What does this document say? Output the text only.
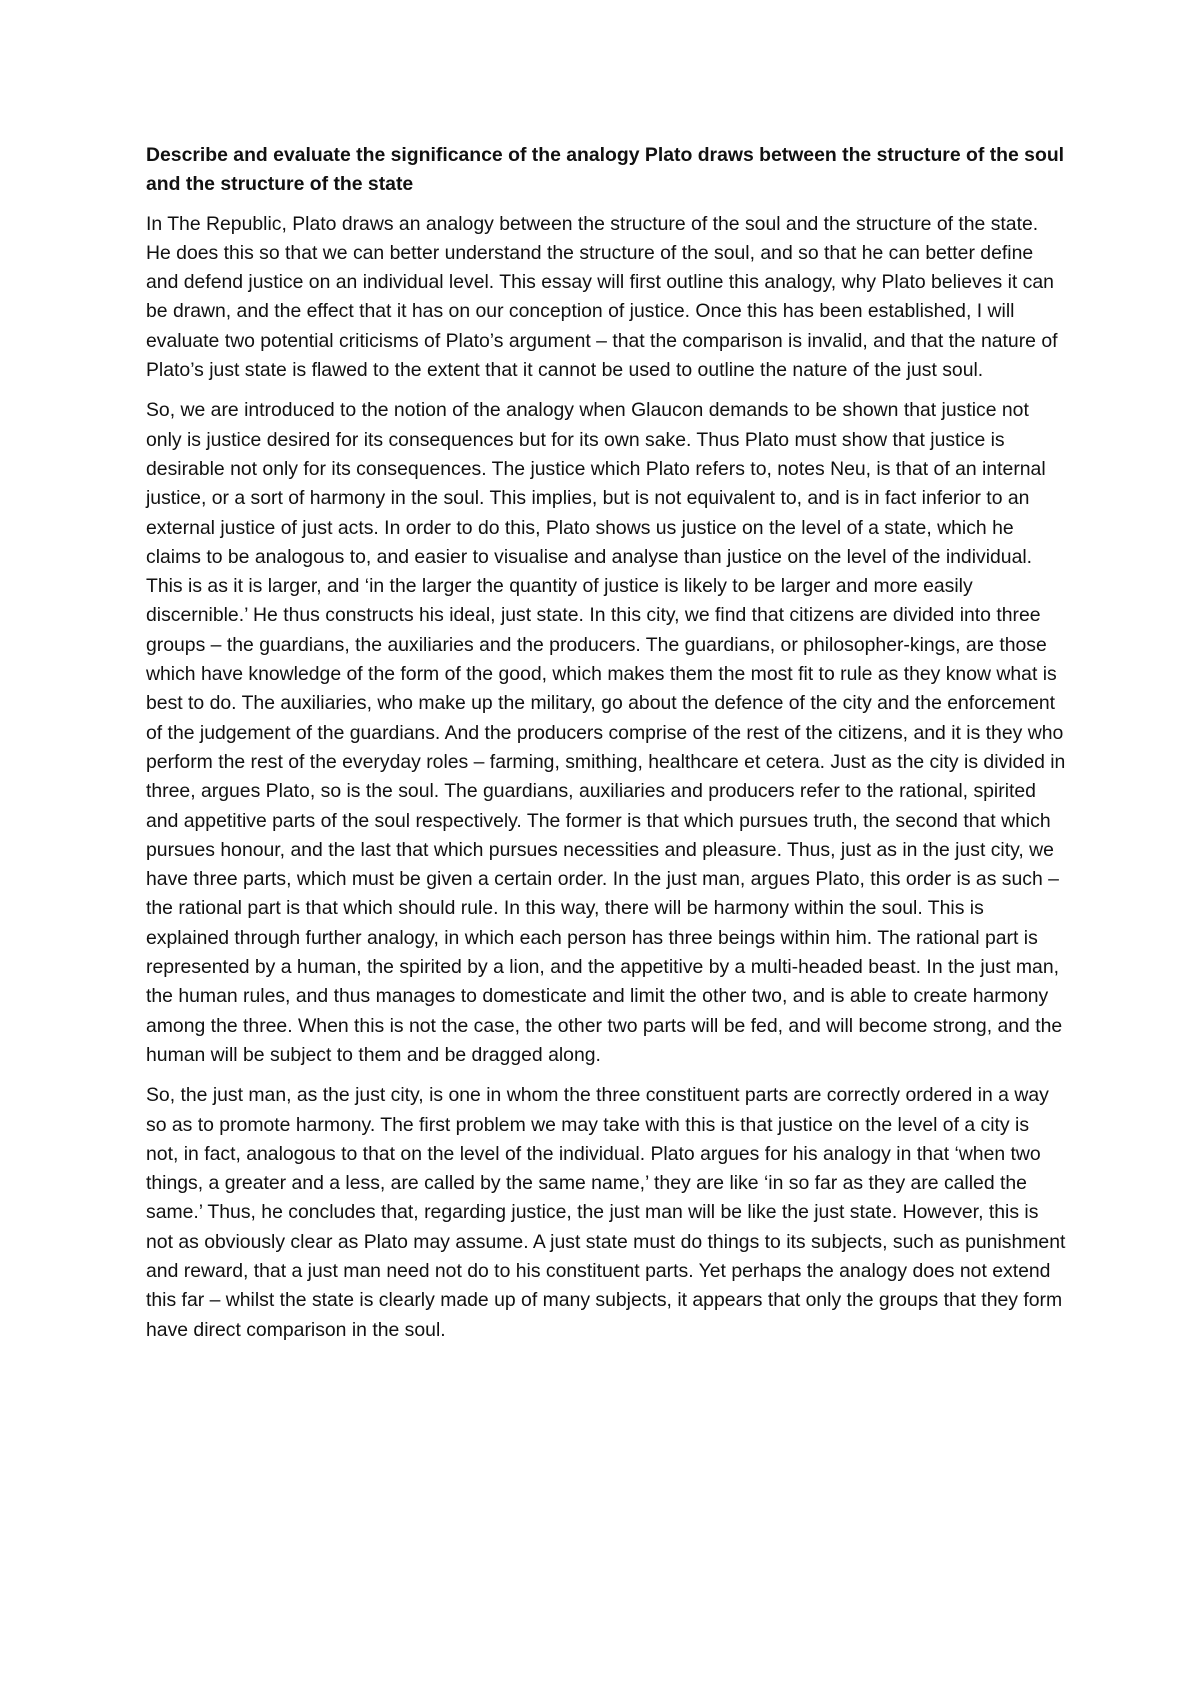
Describe and evaluate the significance of the analogy Plato draws between the structure of the soul and the structure of the state

In The Republic, Plato draws an analogy between the structure of the soul and the structure of the state. He does this so that we can better understand the structure of the soul, and so that he can better define and defend justice on an individual level. This essay will first outline this analogy, why Plato believes it can be drawn, and the effect that it has on our conception of justice. Once this has been established, I will evaluate two potential criticisms of Plato’s argument – that the comparison is invalid, and that the nature of Plato’s just state is flawed to the extent that it cannot be used to outline the nature of the just soul.

So, we are introduced to the notion of the analogy when Glaucon demands to be shown that justice not only is justice desired for its consequences but for its own sake. Thus Plato must show that justice is desirable not only for its consequences. The justice which Plato refers to, notes Neu, is that of an internal justice, or a sort of harmony in the soul. This implies, but is not equivalent to, and is in fact inferior to an external justice of just acts. In order to do this, Plato shows us justice on the level of a state, which he claims to be analogous to, and easier to visualise and analyse than justice on the level of the individual. This is as it is larger, and ‘in the larger the quantity of justice is likely to be larger and more easily discernible.’ He thus constructs his ideal, just state. In this city, we find that citizens are divided into three groups – the guardians, the auxiliaries and the producers. The guardians, or philosopher-kings, are those which have knowledge of the form of the good, which makes them the most fit to rule as they know what is best to do. The auxiliaries, who make up the military, go about the defence of the city and the enforcement of the judgement of the guardians. And the producers comprise of the rest of the citizens, and it is they who perform the rest of the everyday roles – farming, smithing, healthcare et cetera. Just as the city is divided in three, argues Plato, so is the soul. The guardians, auxiliaries and producers refer to the rational, spirited and appetitive parts of the soul respectively. The former is that which pursues truth, the second that which pursues honour, and the last that which pursues necessities and pleasure. Thus, just as in the just city, we have three parts, which must be given a certain order. In the just man, argues Plato, this order is as such – the rational part is that which should rule. In this way, there will be harmony within the soul. This is explained through further analogy, in which each person has three beings within him. The rational part is represented by a human, the spirited by a lion, and the appetitive by a multi-headed beast. In the just man, the human rules, and thus manages to domesticate and limit the other two, and is able to create harmony among the three. When this is not the case, the other two parts will be fed, and will become strong, and the human will be subject to them and be dragged along.

So, the just man, as the just city, is one in whom the three constituent parts are correctly ordered in a way so as to promote harmony. The first problem we may take with this is that justice on the level of a city is not, in fact, analogous to that on the level of the individual. Plato argues for his analogy in that ‘when two things, a greater and a less, are called by the same name,’ they are like ‘in so far as they are called the same.’ Thus, he concludes that, regarding justice, the just man will be like the just state. However, this is not as obviously clear as Plato may assume. A just state must do things to its subjects, such as punishment and reward, that a just man need not do to his constituent parts. Yet perhaps the analogy does not extend this far – whilst the state is clearly made up of many subjects, it appears that only the groups that they form have direct comparison in the soul.
